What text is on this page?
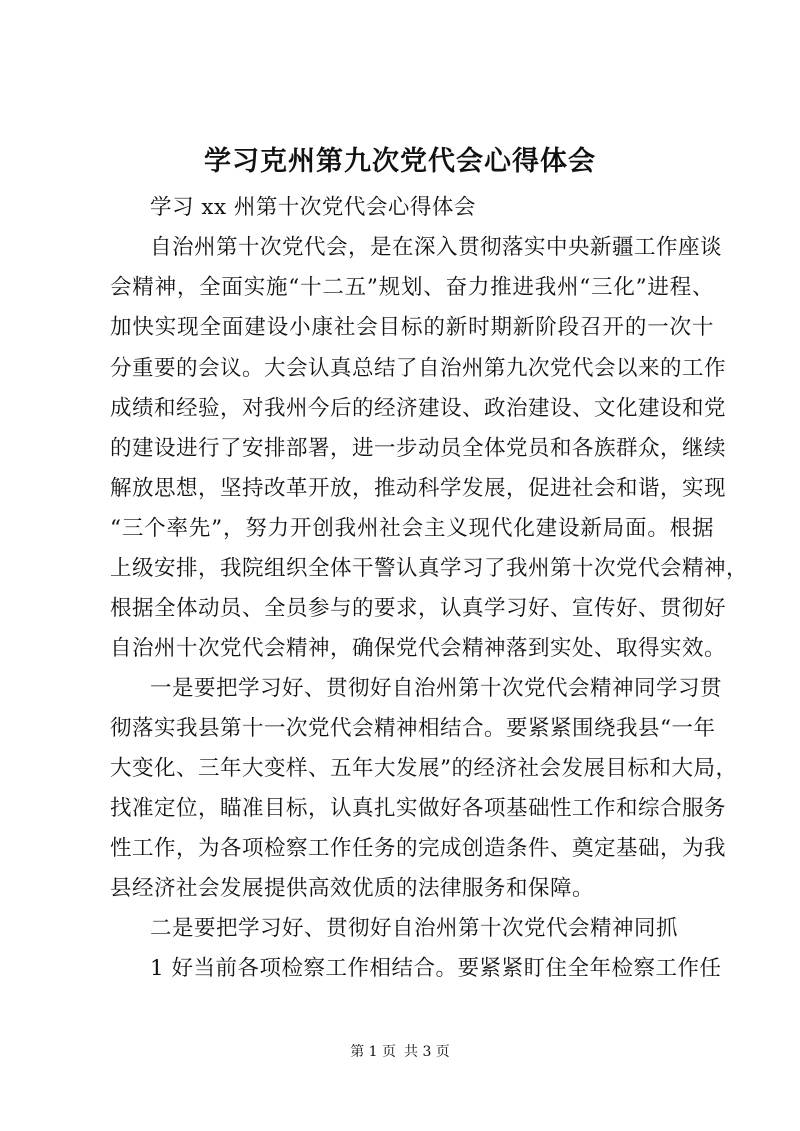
学习克州第九次党代会心得体会
学习 xx 州第十次党代会心得体会
自治州第十次党代会，是在深入贯彻落实中央新疆工作座谈
会精神，全面实施“十二五”规划、奋力推进我州“三化”进程、
加快实现全面建设小康社会目标的新时期新阶段召开的一次十
分重要的会议。大会认真总结了自治州第九次党代会以来的工作
成绩和经验，对我州今后的经济建设、政治建设、文化建设和党
的建设进行了安排部署，进一步动员全体党员和各族群众，继续
解放思想，坚持改革开放，推动科学发展，促进社会和谐，实现
“三个率先”，努力开创我州社会主义现代化建设新局面。根据
上级安排，我院组织全体干警认真学习了我州第十次党代会精神，
根据全体动员、全员参与的要求，认真学习好、宣传好、贯彻好
自治州十次党代会精神，确保党代会精神落到实处、取得实效。
一是要把学习好、贯彻好自治州第十次党代会精神同学习贯
彻落实我县第十一次党代会精神相结合。要紧紧围绕我县“一年
大变化、三年大变样、五年大发展”的经济社会发展目标和大局，
找准定位，瞄准目标，认真扎实做好各项基础性工作和综合服务
性工作，为各项检察工作任务的完成创造条件、奠定基础，为我
县经济社会发展提供高效优质的法律服务和保障。
二是要把学习好、贯彻好自治州第十次党代会精神同抓
1 好当前各项检察工作相结合。要紧紧盯住全年检察工作任
第 1 页 共 3 页
